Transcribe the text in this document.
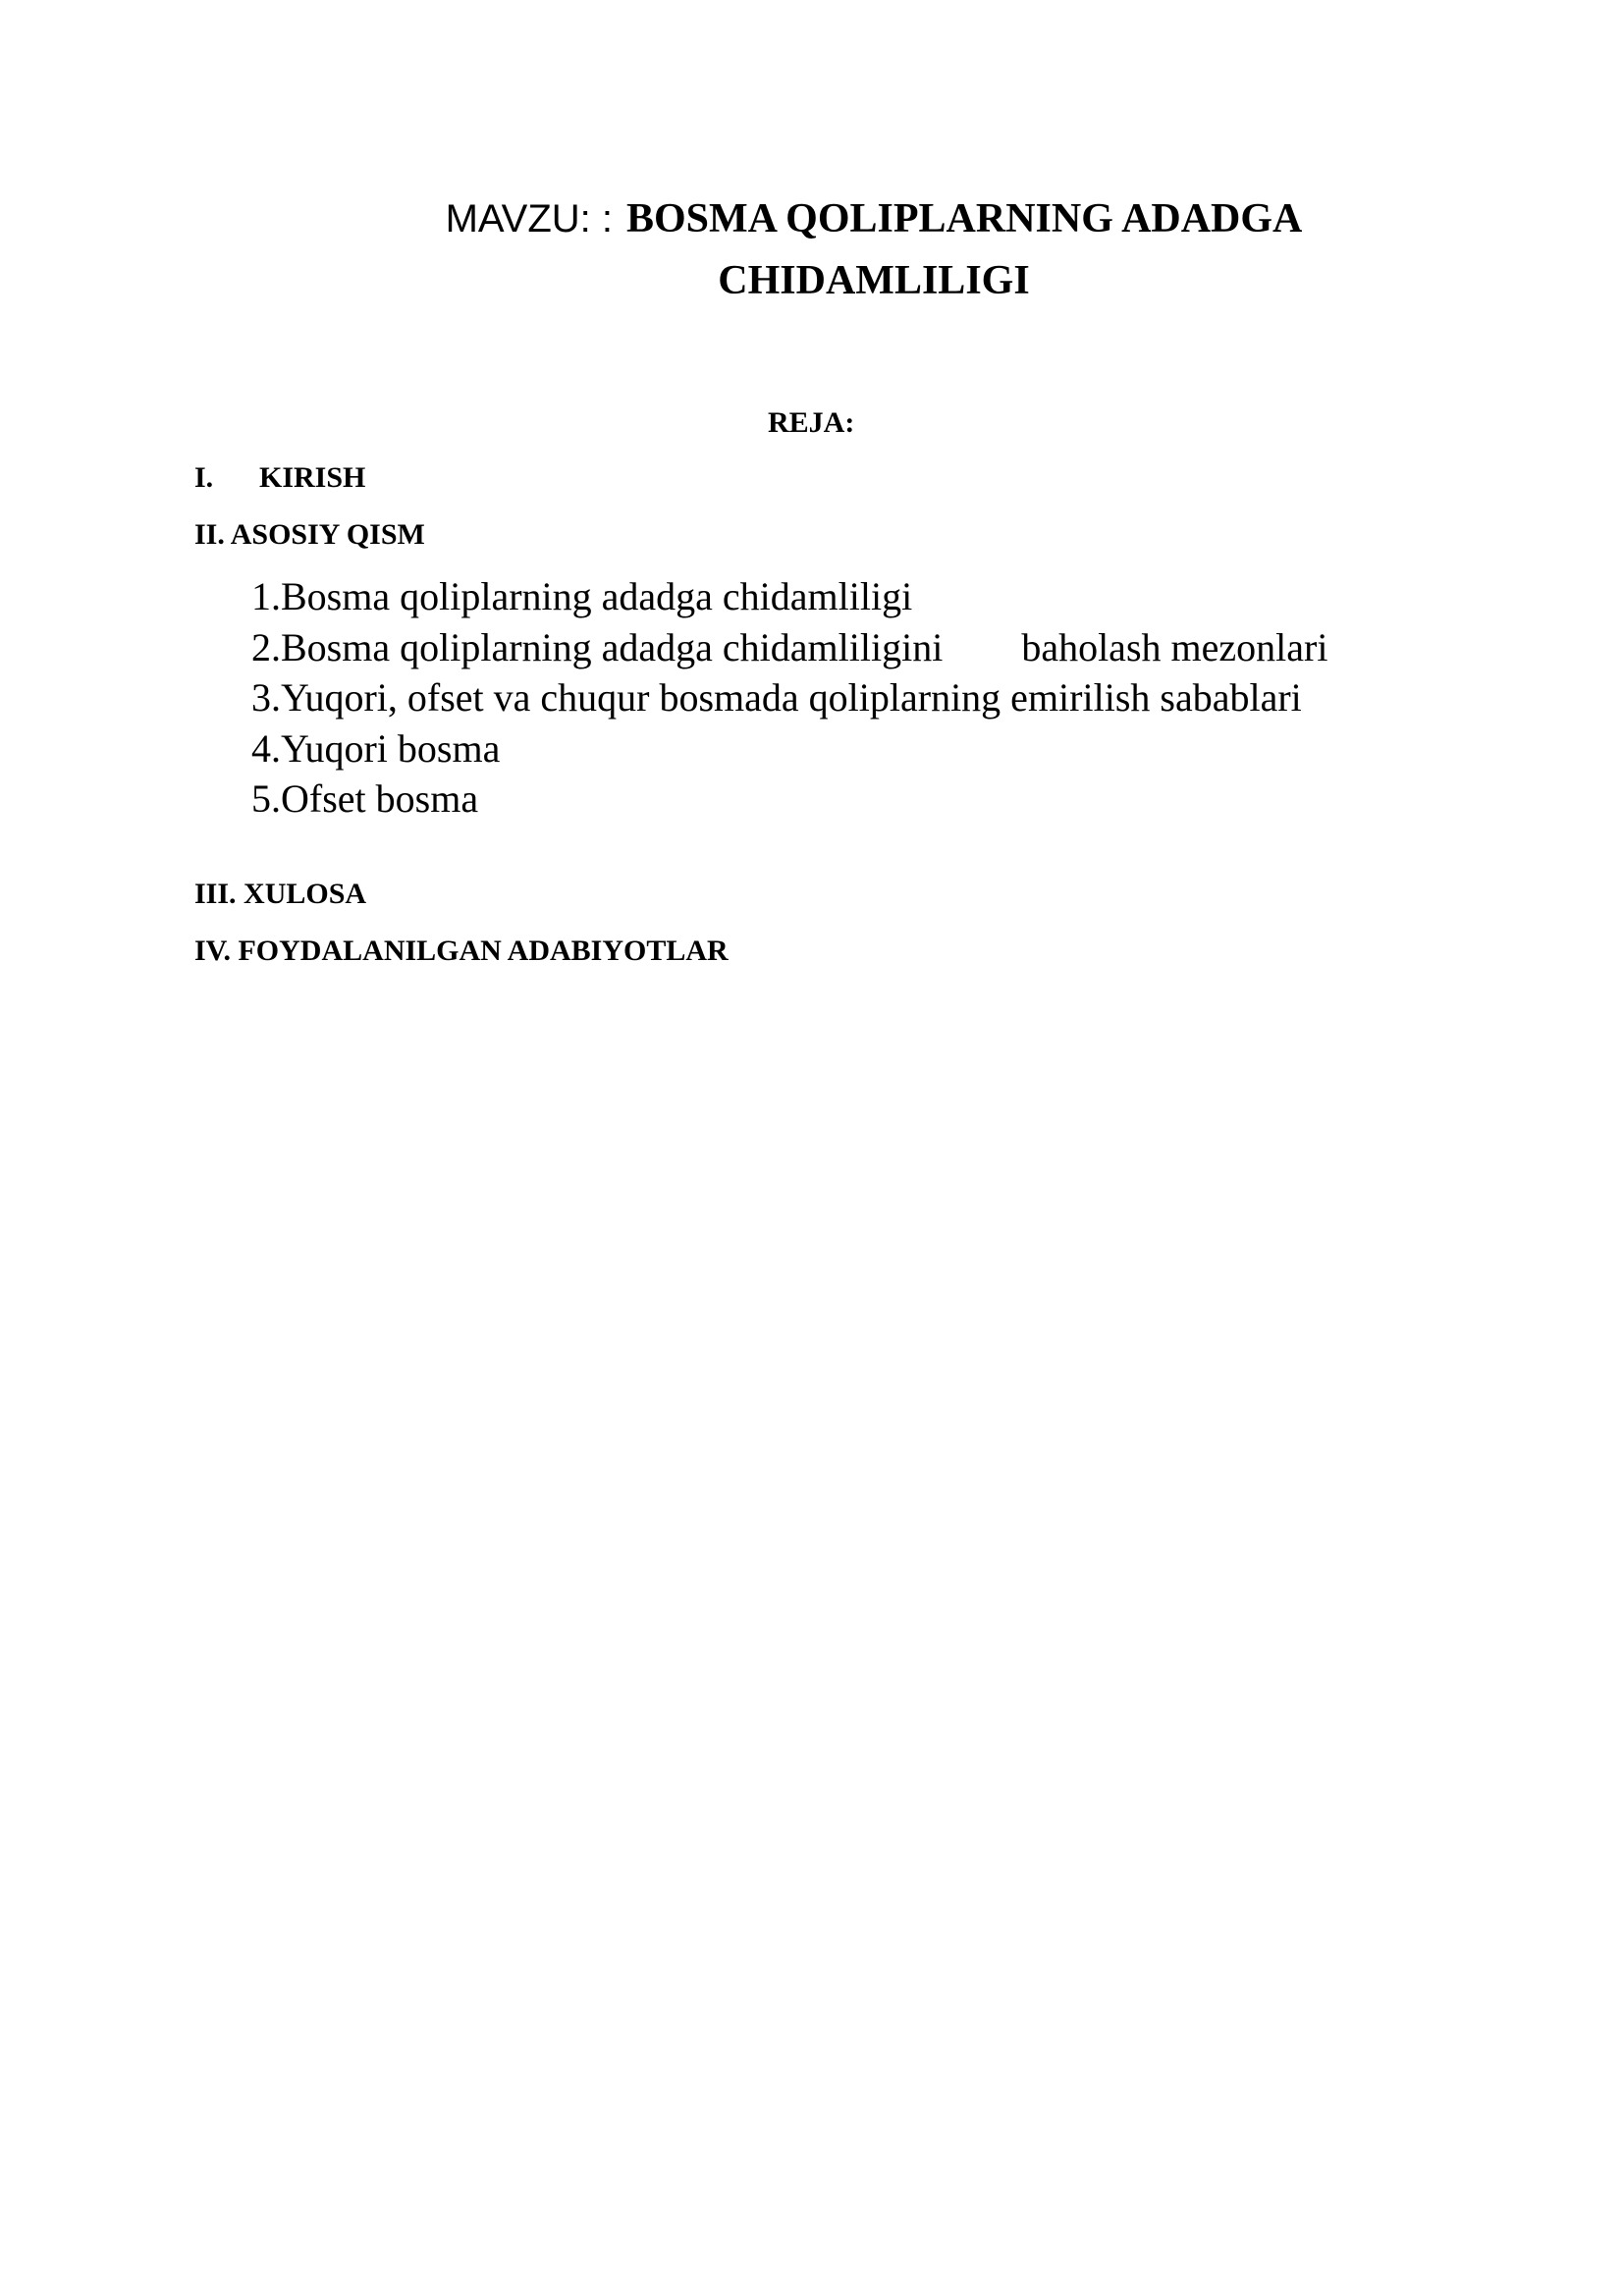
MAVZU: : BOSMA QOLIPLARNING ADADGA
CHIDAMLILIGI
REJA:
I. KIRISH
II. ASOSIY QISM
1.Bosma qoliplarning adadga chidamliligi
2.Bosma qoliplarning adadga chidamliligini        baholash mezonlari
3.Yuqori, ofset va chuqur bosmada qoliplarning emirilish sabablari
4.Yuqori bosma
5.Ofset bosma
III. XULOSA
IV. FOYDALANILGAN ADABIYOTLAR
